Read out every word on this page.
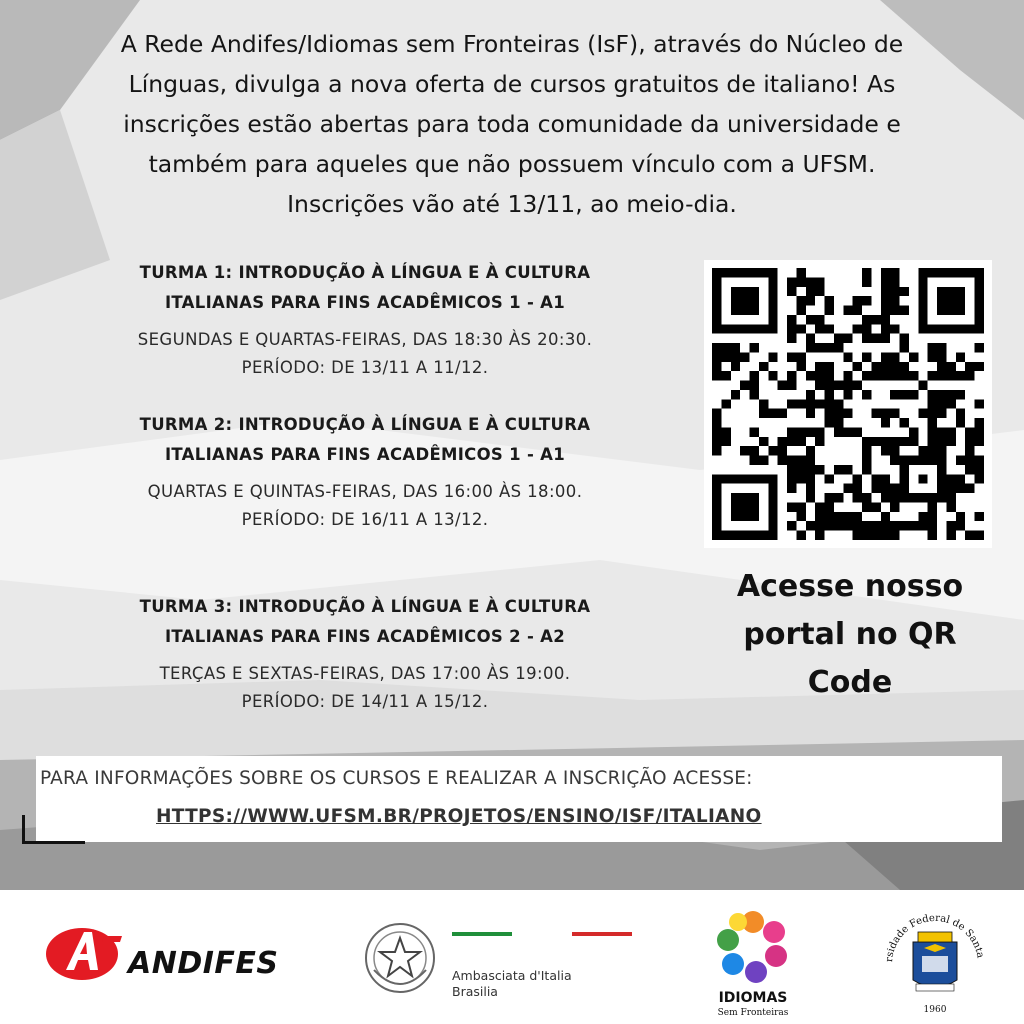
A Rede Andifes/Idiomas sem Fronteiras (IsF), através do Núcleo de
Línguas, divulga a nova oferta de cursos gratuitos de italiano! As
inscrições estão abertas para toda comunidade da universidade e
também para aqueles que não possuem vínculo com a UFSM.
Inscrições vão até 13/11, ao meio-dia.
TURMA 1: INTRODUÇÃO À LÍNGUA E À CULTURA
ITALIANAS PARA FINS ACADÊMICOS 1 - A1

SEGUNDAS E QUARTAS-FEIRAS, DAS 18:30 ÀS 20:30.
PERÍODO: DE 13/11 A 11/12.

TURMA 2: INTRODUÇÃO À LÍNGUA E À CULTURA
ITALIANAS PARA FINS ACADÊMICOS 1 - A1

QUARTAS E QUINTAS-FEIRAS, DAS 16:00 ÀS 18:00.
PERÍODO: DE 16/11 A 13/12.

TURMA 3: INTRODUÇÃO À LÍNGUA E À CULTURA
ITALIANAS PARA FINS ACADÊMICOS 2 - A2

TERÇAS E SEXTAS-FEIRAS, DAS 17:00 ÀS 19:00.
PERÍODO: DE 14/11 A 15/12.

Acesse nosso
portal no QR
Code
PARA INFORMAÇÕES SOBRE OS CURSOS E REALIZAR A INSCRIÇÃO ACESSE:
HTTPS://WWW.UFSM.BR/PROJETOS/ENSINO/ISF/ITALIANO
ANDIFES	Ambasciata d'Italia
Brasilia	IDIOMAS
Sem Fronteiras
rsidade Federal de Santa
1960
